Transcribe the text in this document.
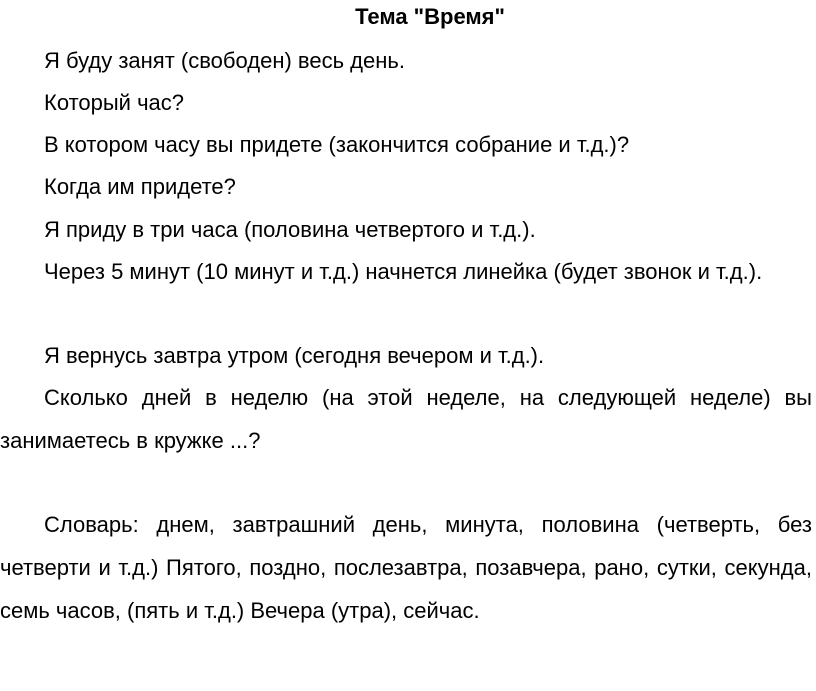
Тема "Время"
Я буду занят (свободен) весь день.
Который час?
В котором часу вы придете (закончится собрание и т.д.)?
Когда им придете?
Я приду в три часа (половина четвертого и т.д.).
Через 5 минут (10 минут и т.д.) начнется линейка (будет звонок и т.д.).
Я вернусь завтра утром (сегодня вечером и т.д.).
Сколько дней в неделю (на этой неделе, на следующей неделе) вы занимаетесь в кружке ...?
Словарь: днем, завтрашний день, минута, половина (четверть, без четверти и т.д.) Пятого, поздно, послезавтра, позавчера, рано, сутки, секунда, семь часов, (пять и т.д.) Вечера (утра), сейчас.
